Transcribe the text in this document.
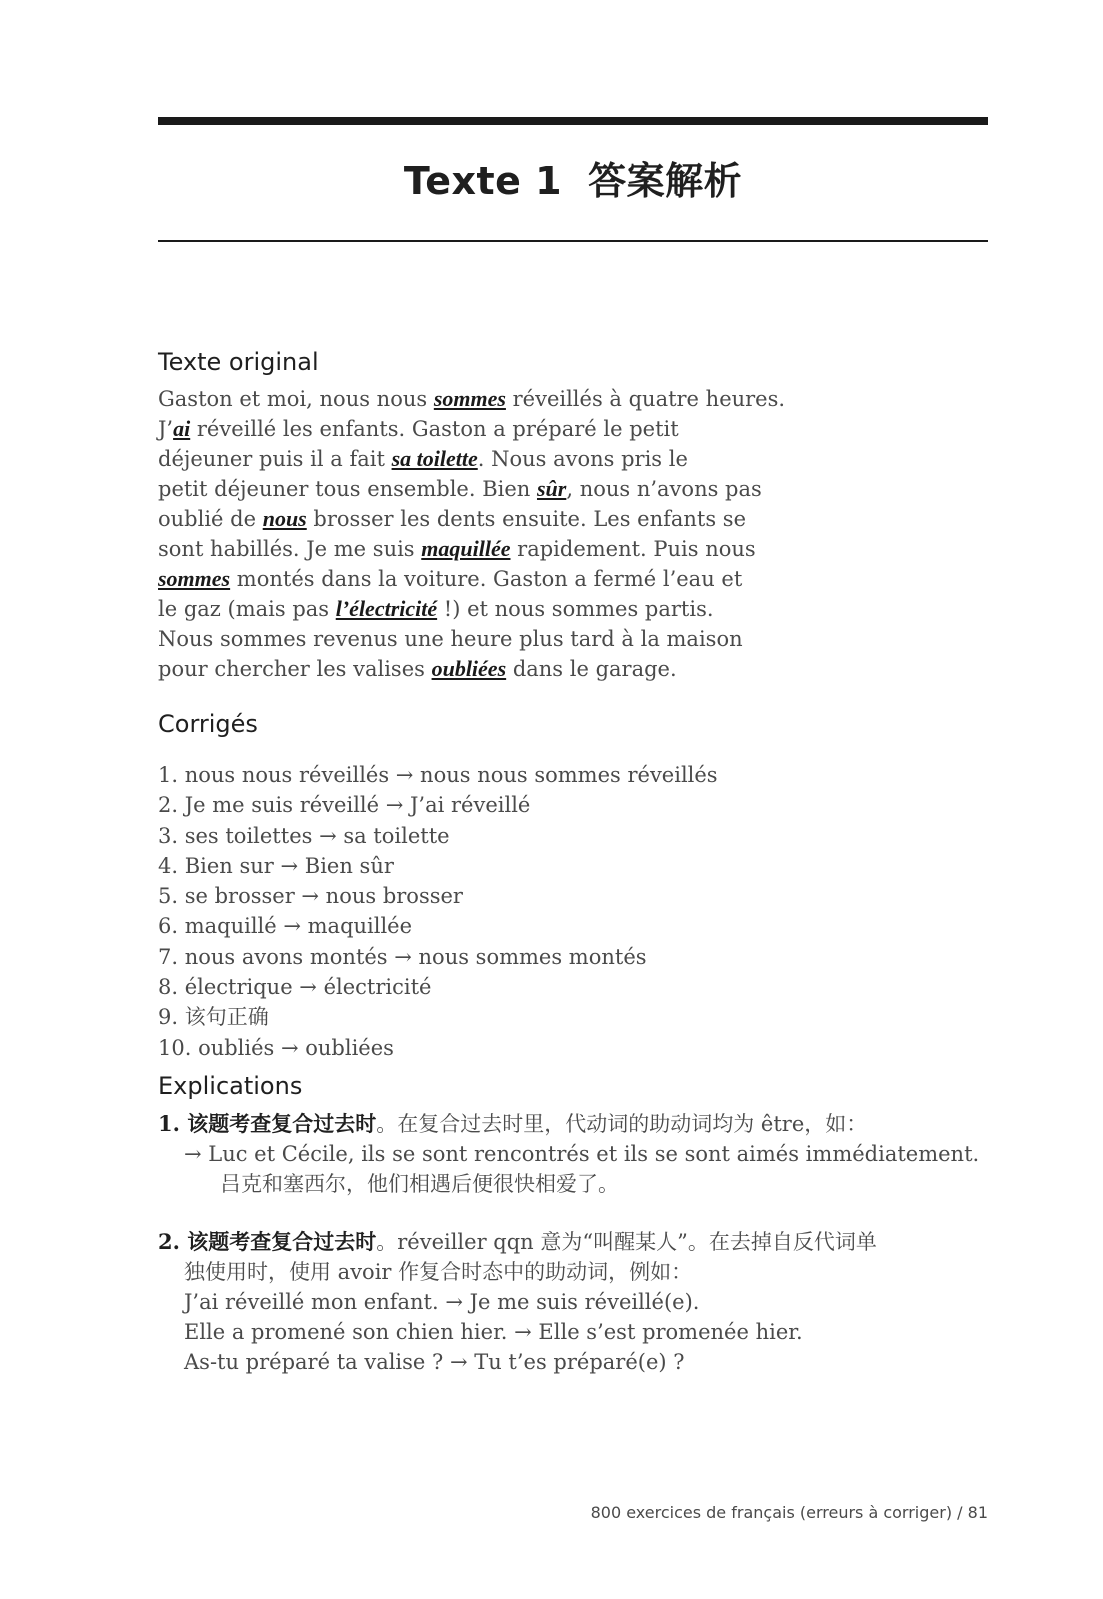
Texte 1 答案解析
Texte original
Gaston et moi, nous nous sommes réveillés à quatre heures.
J’ai réveillé les enfants. Gaston a préparé le petit
déjeuner puis il a fait sa toilette. Nous avons pris le
petit déjeuner tous ensemble. Bien sûr, nous n’avons pas
oublié de nous brosser les dents ensuite. Les enfants se
sont habillés. Je me suis maquillée rapidement. Puis nous
sommes montés dans la voiture. Gaston a fermé l’eau et
le gaz (mais pas l’électricité !) et nous sommes partis.
Nous sommes revenus une heure plus tard à la maison
pour chercher les valises oubliées dans le garage.
Corrigés
1. nous nous réveillés → nous nous sommes réveillés
2. Je me suis réveillé → J’ai réveillé
3. ses toilettes → sa toilette
4. Bien sur → Bien sûr
5. se brosser → nous brosser
6. maquillé → maquillée
7. nous avons montés → nous sommes montés
8. électrique → électricité
9. 该句正确
10. oubliés → oubliées
Explications
1. 该题考查复合过去时。在复合过去时里，代动词的助动词均为 être，如：
→ Luc et Cécile, ils se sont rencontrés et ils se sont aimés immédiatement.
吕克和塞西尔，他们相遇后便很快相爱了。
2. 该题考查复合过去时。réveiller qqn 意为“叫醒某人”。在去掉自反代词单
独使用时，使用 avoir 作复合时态中的助动词，例如：
J’ai réveillé mon enfant. → Je me suis réveillé(e).
Elle a promené son chien hier. → Elle s’est promenée hier.
As-tu préparé ta valise ? → Tu t’es préparé(e) ?
800 exercices de français (erreurs à corriger) / 81
